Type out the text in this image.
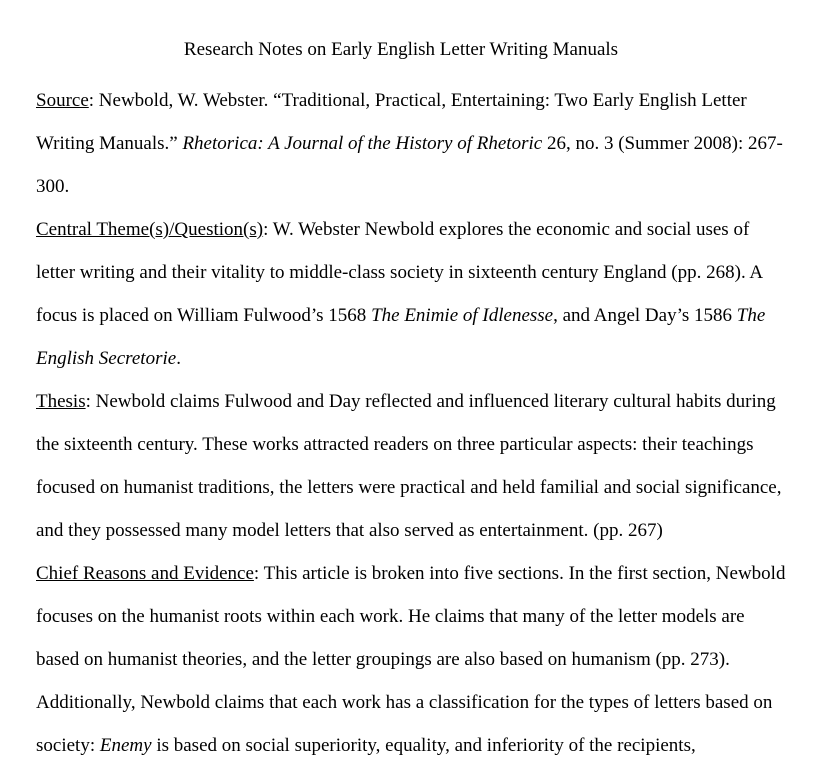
Research Notes on Early English Letter Writing Manuals

Source: Newbold, W. Webster. “Traditional, Practical, Entertaining: Two Early English Letter Writing Manuals.” Rhetorica: A Journal of the History of Rhetoric 26, no. 3 (Summer 2008): 267-300.

Central Theme(s)/Question(s): W. Webster Newbold explores the economic and social uses of letter writing and their vitality to middle-class society in sixteenth century England (pp. 268). A focus is placed on William Fulwood’s 1568 The Enimie of Idlenesse, and Angel Day’s 1586 The English Secretorie.

Thesis: Newbold claims Fulwood and Day reflected and influenced literary cultural habits during the sixteenth century. These works attracted readers on three particular aspects: their teachings focused on humanist traditions, the letters were practical and held familial and social significance, and they possessed many model letters that also served as entertainment. (pp. 267)

Chief Reasons and Evidence: This article is broken into five sections. In the first section, Newbold focuses on the humanist roots within each work. He claims that many of the letter models are based on humanist theories, and the letter groupings are also based on humanism (pp. 273). Additionally, Newbold claims that each work has a classification for the types of letters based on society: Enemy is based on social superiority, equality, and inferiority of the recipients,
